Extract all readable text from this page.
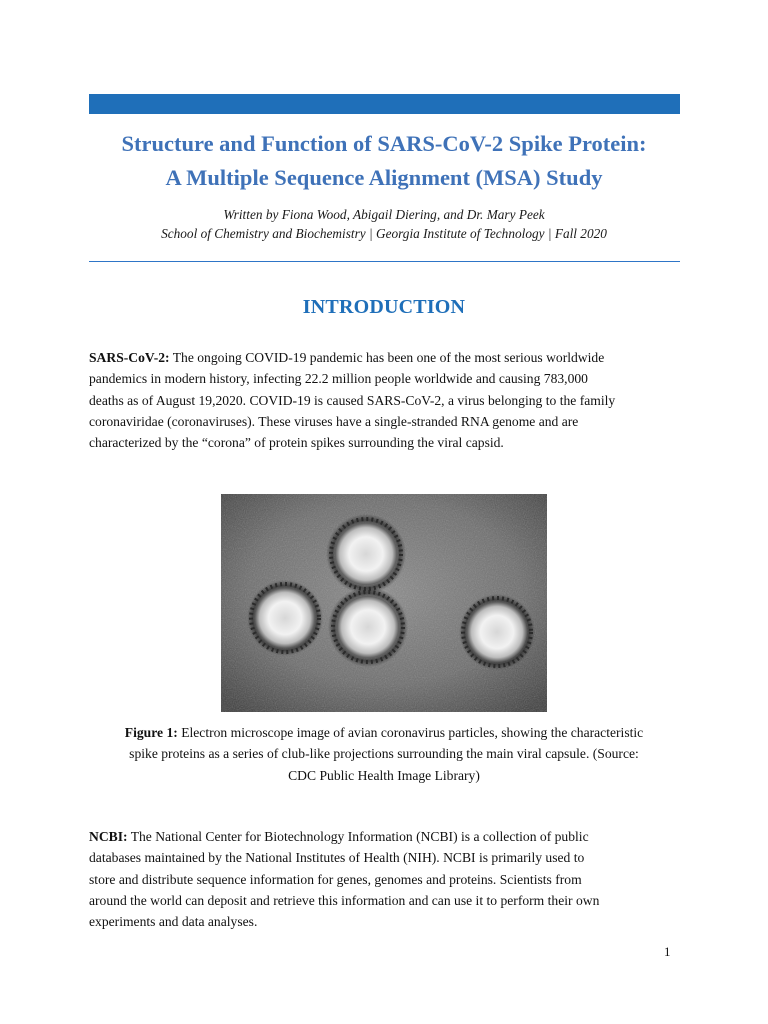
Structure and Function of SARS-CoV-2 Spike Protein:
A Multiple Sequence Alignment (MSA) Study
Written by Fiona Wood, Abigail Diering, and Dr. Mary Peek
School of Chemistry and Biochemistry | Georgia Institute of Technology | Fall 2020
INTRODUCTION
SARS-CoV-2: The ongoing COVID-19 pandemic has been one of the most serious worldwide
pandemics in modern history, infecting 22.2 million people worldwide and causing 783,000
deaths as of August 19,2020. COVID-19 is caused SARS-CoV-2, a virus belonging to the family
coronaviridae (coronaviruses). These viruses have a single-stranded RNA genome and are
characterized by the “corona” of protein spikes surrounding the viral capsid.
Figure 1: Electron microscope image of avian coronavirus particles, showing the characteristic
spike proteins as a series of club-like projections surrounding the main viral capsule. (Source:
CDC Public Health Image Library)
NCBI: The National Center for Biotechnology Information (NCBI) is a collection of public
databases maintained by the National Institutes of Health (NIH). NCBI is primarily used to
store and distribute sequence information for genes, genomes and proteins. Scientists from
around the world can deposit and retrieve this information and can use it to perform their own
experiments and data analyses.
1
